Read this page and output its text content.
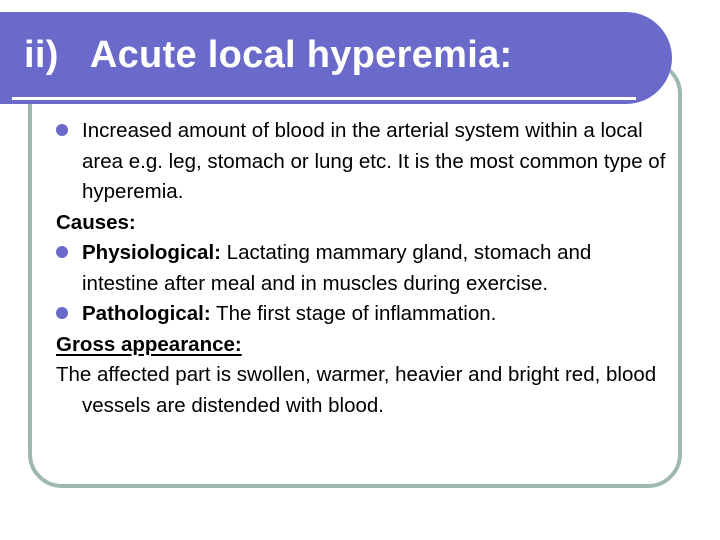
ii)   Acute local hyperemia:
Increased amount of blood in the arterial system within a local area e.g. leg, stomach or lung etc. It is the most common type of hyperemia.
Causes:
Physiological: Lactating mammary gland, stomach and intestine after meal and in muscles during exercise.
Pathological: The first stage of inflammation.
Gross appearance:
The affected part is swollen, warmer, heavier and bright red, blood vessels are distended with blood.
